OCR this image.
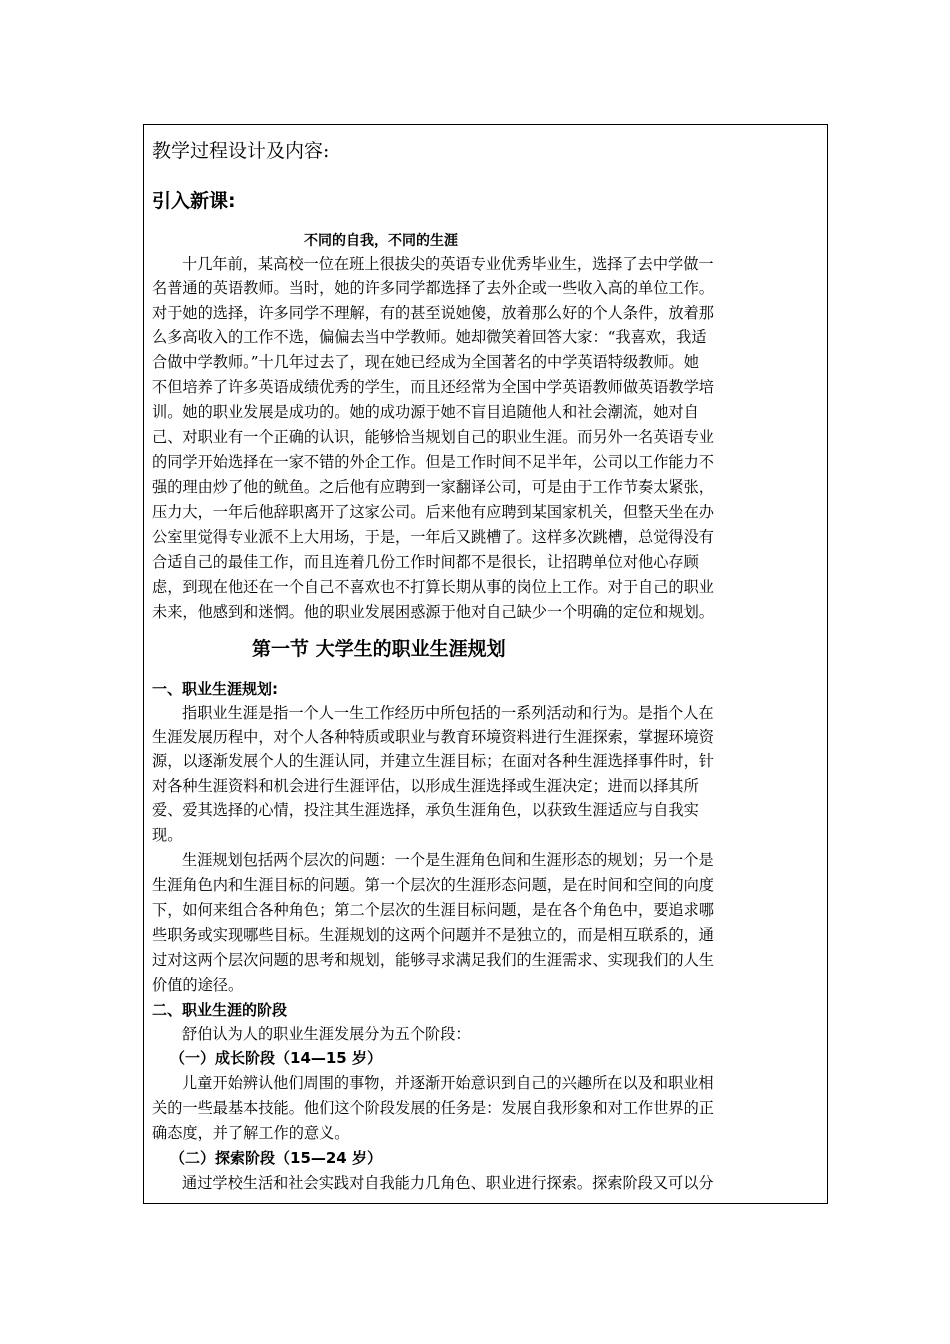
教学过程设计及内容:
引入新课:
不同的自我，不同的生涯
十几年前，某高校一位在班上很拔尖的英语专业优秀毕业生，选择了去中学做一
名普通的英语教师。当时，她的许多同学都选择了去外企或一些收入高的单位工作。
对于她的选择，许多同学不理解，有的甚至说她傻，放着那么好的个人条件，放着那
么多高收入的工作不选，偏偏去当中学教师。她却微笑着回答大家：“我喜欢，我适
合做中学教师。”十几年过去了，现在她已经成为全国著名的中学英语特级教师。她
不但培养了许多英语成绩优秀的学生，而且还经常为全国中学英语教师做英语教学培
训。她的职业发展是成功的。她的成功源于她不盲目追随他人和社会潮流，她对自
己、对职业有一个正确的认识，能够恰当规划自己的职业生涯。而另外一名英语专业
的同学开始选择在一家不错的外企工作。但是工作时间不足半年，公司以工作能力不
强的理由炒了他的鱿鱼。之后他有应聘到一家翻译公司，可是由于工作节奏太紧张，
压力大，一年后他辞职离开了这家公司。后来他有应聘到某国家机关，但整天坐在办
公室里觉得专业派不上大用场，于是，一年后又跳槽了。这样多次跳槽，总觉得没有
合适自己的最佳工作，而且连着几份工作时间都不是很长，让招聘单位对他心存顾
虑，到现在他还在一个自己不喜欢也不打算长期从事的岗位上工作。对于自己的职业
未来，他感到和迷惘。他的职业发展困惑源于他对自己缺少一个明确的定位和规划。
第一节 大学生的职业生涯规划
一、职业生涯规划:
指职业生涯是指一个人一生工作经历中所包括的一系列活动和行为。是指个人在
生涯发展历程中，对个人各种特质或职业与教育环境资料进行生涯探索，掌握环境资
源，以逐渐发展个人的生涯认同，并建立生涯目标；在面对各种生涯选择事件时，针
对各种生涯资料和机会进行生涯评估，以形成生涯选择或生涯决定；进而以择其所
爱、爱其选择的心情，投注其生涯选择，承负生涯角色，以获致生涯适应与自我实
现。
生涯规划包括两个层次的问题：一个是生涯角色间和生涯形态的规划；另一个是
生涯角色内和生涯目标的问题。第一个层次的生涯形态问题，是在时间和空间的向度
下，如何来组合各种角色；第二个层次的生涯目标问题，是在各个角色中，要追求哪
些职务或实现哪些目标。生涯规划的这两个问题并不是独立的，而是相互联系的，通
过对这两个层次问题的思考和规划，能够寻求满足我们的生涯需求、实现我们的人生
价值的途径。
二、职业生涯的阶段
舒伯认为人的职业生涯发展分为五个阶段：
（一）成长阶段（14—15 岁）
儿童开始辨认他们周围的事物，并逐渐开始意识到自己的兴趣所在以及和职业相
关的一些最基本技能。他们这个阶段发展的任务是：发展自我形象和对工作世界的正
确态度，并了解工作的意义。
（二）探索阶段（15—24 岁）
通过学校生活和社会实践对自我能力几角色、职业进行探索。探索阶段又可以分
